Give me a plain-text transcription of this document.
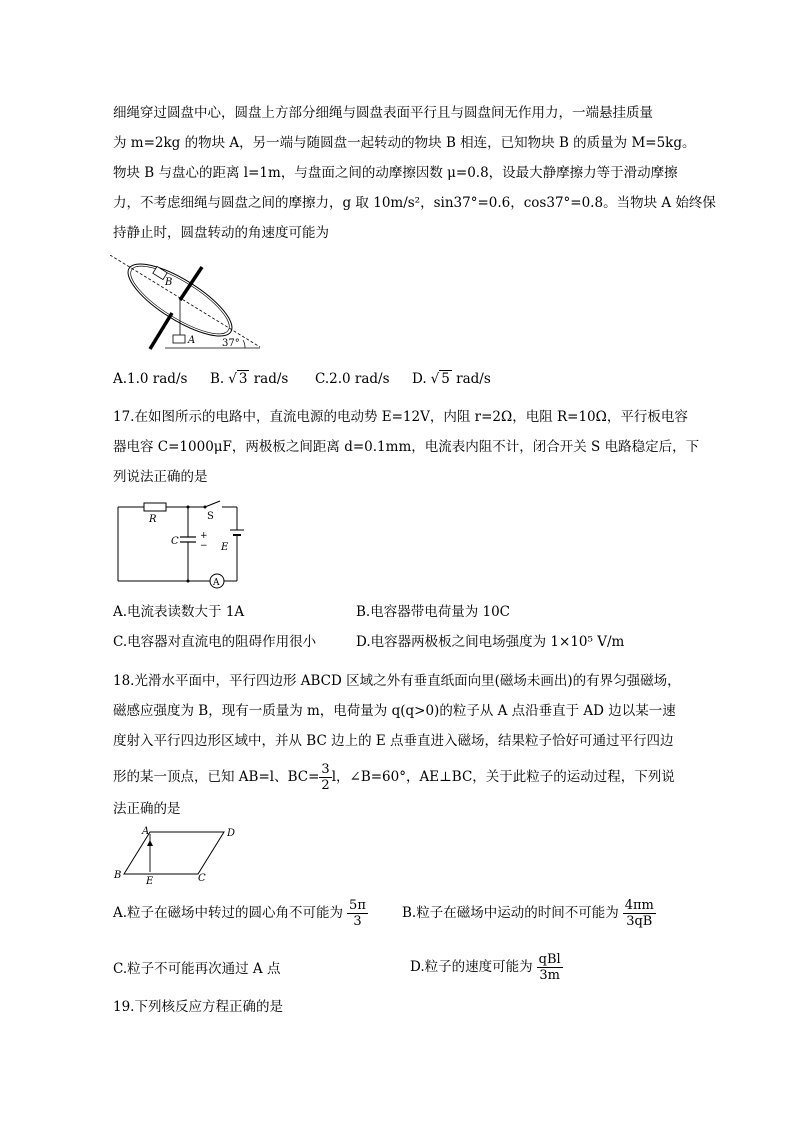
细绳穿过圆盘中心，圆盘上方部分细绳与圆盘表面平行且与圆盘间无作用力，一端悬挂质量
为 m=2kg 的物块 A，另一端与随圆盘一起转动的物块 B 相连，已知物块 B 的质量为 M=5kg。
物块 B 与盘心的距离 l=1m，与盘面之间的动摩擦因数 μ=0.8，设最大静摩擦力等于滑动摩擦
力，不考虑细绳与圆盘之间的摩擦力，g 取 10m/s²，sin37°=0.6，cos37°=0.8。当物块 A 始终保
持静止时，圆盘转动的角速度可能为
B
A	37°
A.1.0 rad/s B. √ 3 rad/s C.2.0 rad/s D. √ 5 rad/s
17.在如图所示的电路中，直流电源的电动势 E=12V，内阻 r=2Ω，电阻 R=10Ω，平行板电容
器电容 C=1000μF，两极板之间距离 d=0.1mm，电流表内阻不计，闭合开关 S 电路稳定后，下
列说法正确的是
R	S
C +
− E
A
A.电流表读数大于 1A	B.电容器带电荷量为 10C
C.电容器对直流电的阻碍作用很小	D.电容器两极板之间电场强度为 1×10⁵ V/m
18.光滑水平面中，平行四边形 ABCD 区域之外有垂直纸面向里(磁场未画出)的有界匀强磁场，
磁感应强度为 B，现有一质量为 m，电荷量为 q(q>0)的粒子从 A 点沿垂直于 AD 边以某一速
度射入平行四边形区域中，并从 BC 边上的 E 点垂直进入磁场，结果粒子恰好可通过平行四边
形的某一顶点，已知 AB=l、$BC= \frac{3}{2}$ l，∠B=60°，AE⊥BC，关于此粒子的运动过程，下列说
法正确的是
A	D
B
E	C
A.粒子在磁场中转过的圆心角不可能为 $\frac{5\pi}{3}$	B.粒子在磁场中运动的时间不可能为 $\frac{4\pi m}{3qB}$
C.粒子不可能再次通过 A 点	D.粒子的速度可能为 $\frac{\text{qBl}}{3m}$
19.下列核反应方程正确的是
